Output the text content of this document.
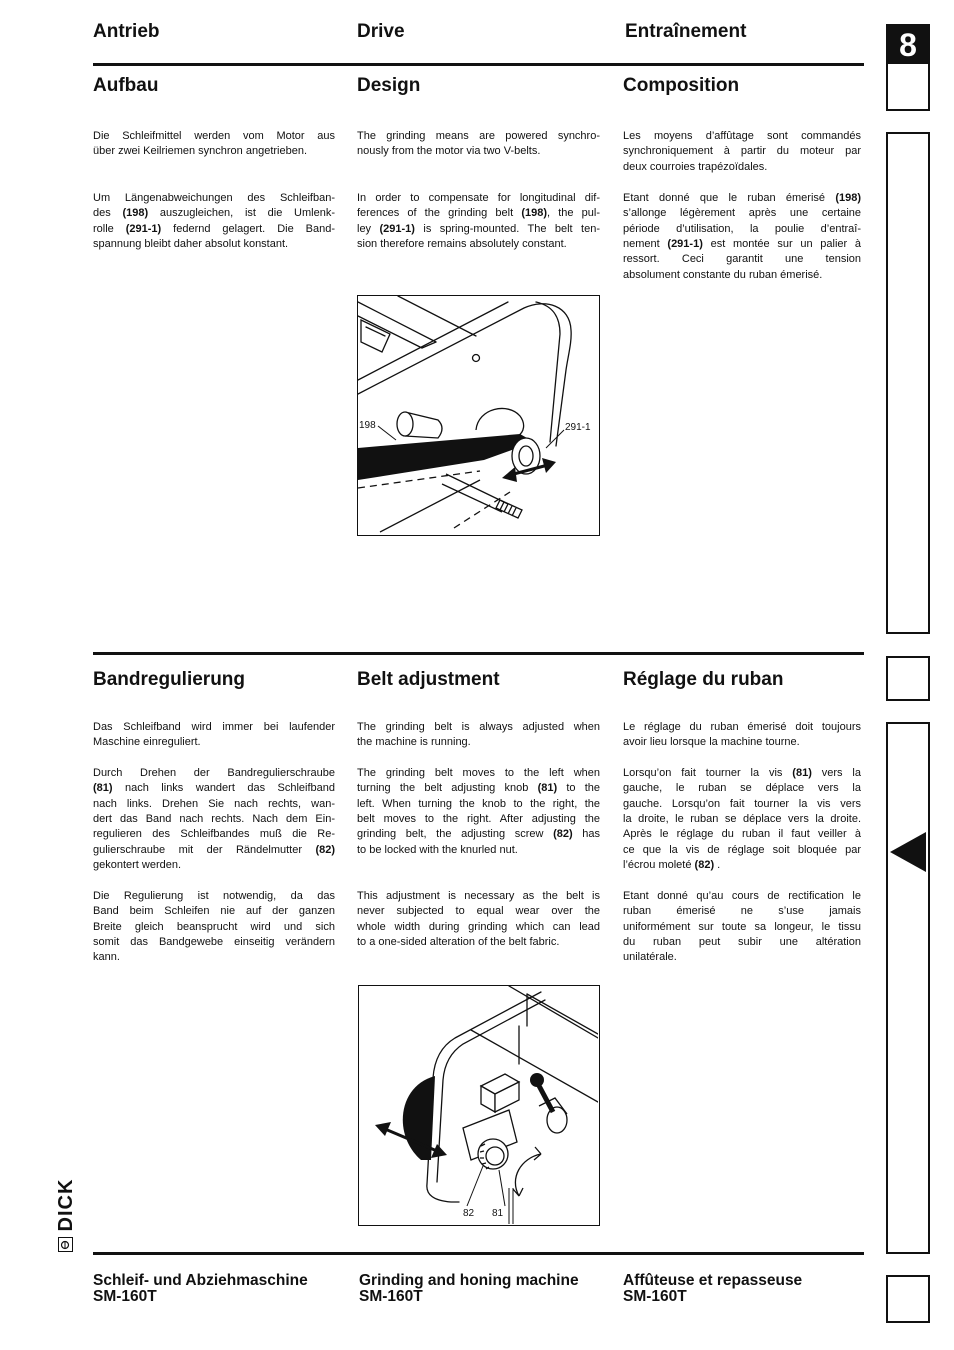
Antrieb	Drive	Entraînement
Aufbau	Design	Composition
Die Schleifmittel werden vom Motor aus
über zwei Keilriemen synchron angetrieben.
Um Längenabweichungen des Schleifban-
des (198) auszugleichen, ist die Umlenk-
rolle (291-1) federnd gelagert. Die Band-
spannung bleibt daher absolut konstant.
The grinding means are powered synchro-
nously from the motor via two V-belts.
In order to compensate for longitudinal dif-
ferences of the grinding belt (198), the pul-
ley (291-1) is spring-mounted. The belt ten-
sion therefore remains absolutely constant.
Les moyens d’affûtage sont commandés
synchroniquement à partir du moteur par
deux courroies trapézoïdales.
Etant donné que le ruban émerisé (198)
s’allonge légèrement après une certaine
période d’utilisation, la poulie d’entraî-
nement (291-1) est montée sur un palier à
ressort. Ceci garantit une tension
absolument constante du ruban émerisé.
198	291-1
Bandregulierung	Belt adjustment	Réglage du ruban
Das Schleifband wird immer bei laufender
Maschine einreguliert.
Durch Drehen der Bandregulierschraube
(81) nach links wandert das Schleifband
nach links. Drehen Sie nach rechts, wan-
dert das Band nach rechts. Nach dem Ein-
regulieren des Schleifbandes muß die Re-
gulierschraube mit der Rändelmutter (82)
gekontert werden.
Die Regulierung ist notwendig, da das
Band beim Schleifen nie auf der ganzen
Breite gleich beansprucht wird und sich
somit das Bandgewebe einseitig verändern
kann.
The grinding belt is always adjusted when
the machine is running.
The grinding belt moves to the left when
turning the belt adjusting knob (81) to the
left. When turning the knob to the right, the
belt moves to the right. After adjusting the
grinding belt, the adjusting screw (82) has
to be locked with the knurled nut.
This adjustment is necessary as the belt is
never subjected to equal wear over the
whole width during grinding which can lead
to a one-sided alteration of the belt fabric.
Le réglage du ruban émerisé doit toujours
avoir lieu lorsque la machine tourne.
Lorsqu’on fait tourner la vis (81) vers la
gauche, le ruban se déplace vers la
gauche. Lorsqu’on fait tourner la vis vers
la droite, le ruban se déplace vers la droite.
Après le réglage du ruban il faut veiller à
ce que la vis de réglage soit bloquée par
l’écrou moleté (82) .
Etant donné qu’au cours de rectification le
ruban émerisé ne s’use jamais
uniformément sur toute sa longeur, le tissu
du ruban peut subir une altération
unilatérale.
82 81
Schleif- und Abziehmaschine
SM-160T
Grinding and honing machine
SM-160T
Affûteuse et repasseuse
SM-160T
DICK
8
